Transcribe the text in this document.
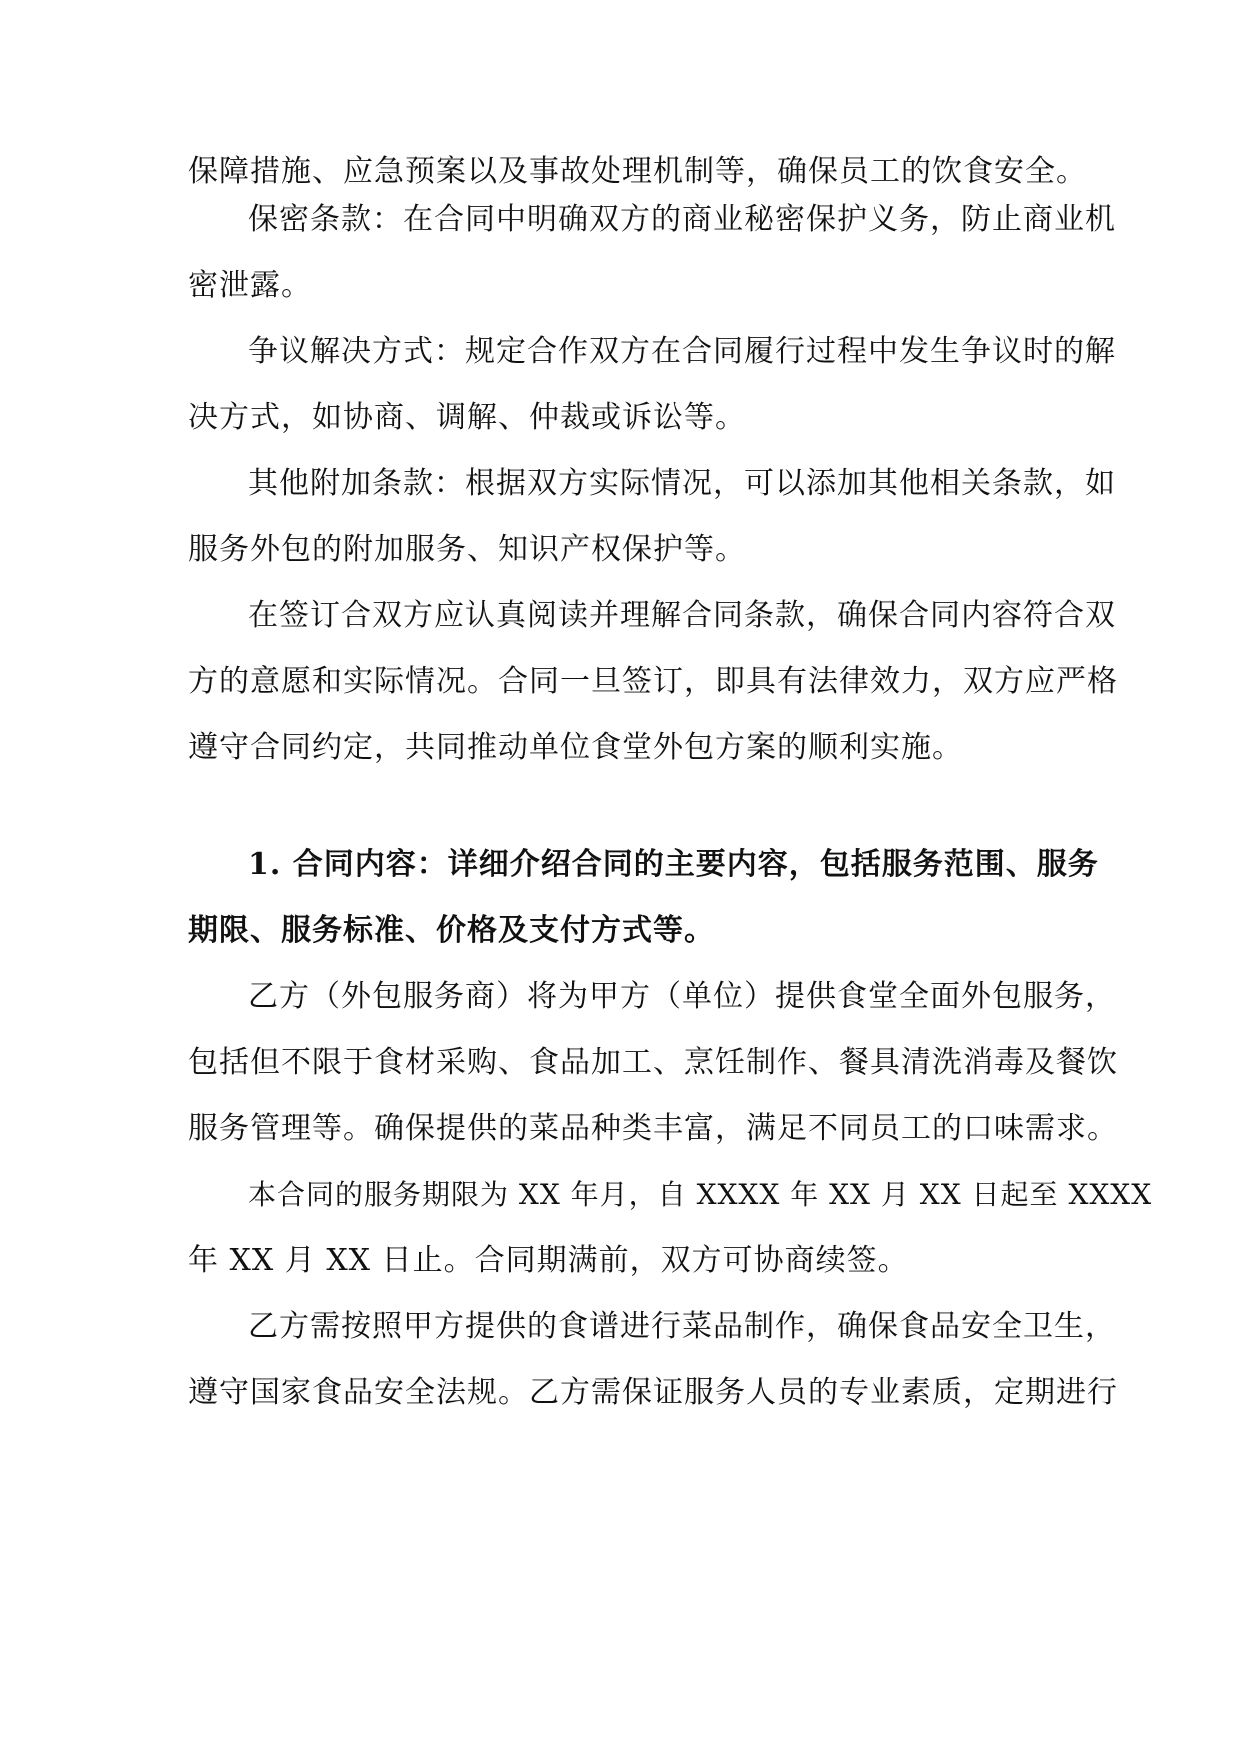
保障措施、应急预案以及事故处理机制等，确保员工的饮食安全。

保密条款：在合同中明确双方的商业秘密保护义务，防止商业机

密泄露。

争议解决方式：规定合作双方在合同履行过程中发生争议时的解

决方式，如协商、调解、仲裁或诉讼等。

其他附加条款：根据双方实际情况，可以添加其他相关条款，如

服务外包的附加服务、知识产权保护等。

在签订合双方应认真阅读并理解合同条款，确保合同内容符合双

方的意愿和实际情况。合同一旦签订，即具有法律效力，双方应严格

遵守合同约定，共同推动单位食堂外包方案的顺利实施。

1. 合同内容：详细介绍合同的主要内容，包括服务范围、服务

期限、服务标准、价格及支付方式等。

乙方（外包服务商）将为甲方（单位）提供食堂全面外包服务，

包括但不限于食材采购、食品加工、烹饪制作、餐具清洗消毒及餐饮

服务管理等。确保提供的菜品种类丰富，满足不同员工的口味需求。

本合同的服务期限为 XX 年月，自 XXXX 年 XX 月 XX 日起至 XXXX

年 XX 月 XX 日止。合同期满前，双方可协商续签。

乙方需按照甲方提供的食谱进行菜品制作，确保食品安全卫生，

遵守国家食品安全法规。乙方需保证服务人员的专业素质，定期进行
